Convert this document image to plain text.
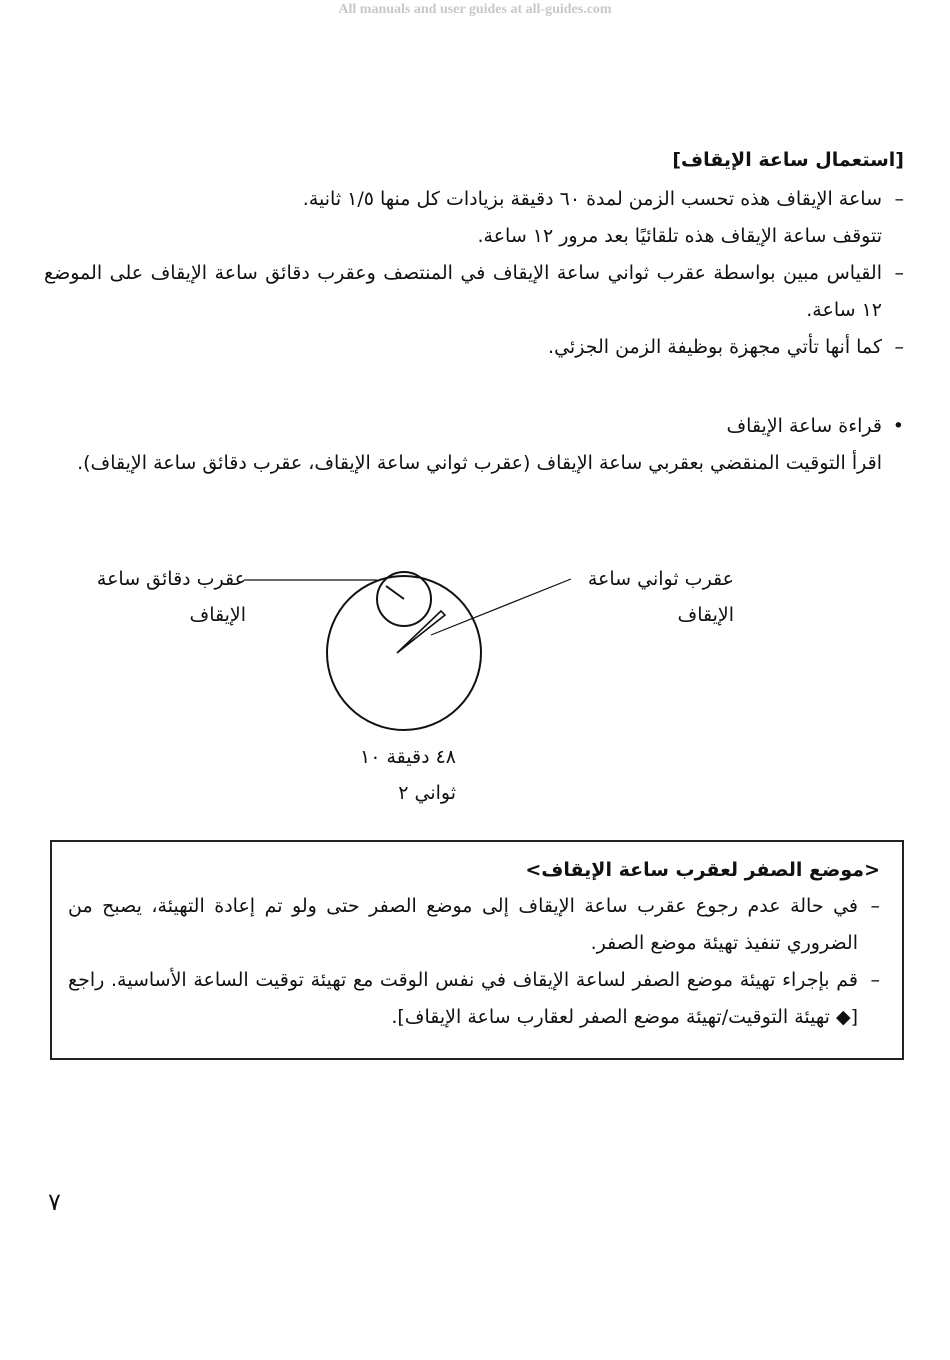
All manuals and user guides at all-guides.com
[استعمال ساعة الإيقاف]
–
ساعة الإيقاف هذه تحسب الزمن لمدة ٦٠ دقيقة بزيادات كل منها ١/٥ ثانية.
تتوقف ساعة الإيقاف هذه تلقائيًا بعد مرور ١٢ ساعة.
–
القياس مبين بواسطة عقرب ثواني ساعة الإيقاف في المنتصف وعقرب دقائق ساعة الإيقاف على الموضع ١٢ ساعة.
–
كما أنها تأتي مجهزة بوظيفة الزمن الجزئي.
•
قراءة ساعة الإيقاف
اقرأ التوقيت المنقضي بعقربي ساعة الإيقاف (عقرب ثواني ساعة الإيقاف، عقرب دقائق ساعة الإيقاف).
عقرب دقائق ساعة
الإيقاف
عقرب ثواني ساعة
الإيقاف
٤٨ دقيقة ١٠
ثواني ٢
<موضع الصفر لعقرب ساعة الإيقاف>
–
في حالة عدم رجوع عقرب ساعة الإيقاف إلى موضع الصفر حتى ولو تم إعادة التهيئة، يصبح من الضروري تنفيذ تهيئة موضع الصفر.
–
قم بإجراء تهيئة موضع الصفر لساعة الإيقاف في نفس الوقت مع تهيئة توقيت الساعة الأساسية. راجع [◆ تهيئة التوقيت/تهيئة موضع الصفر لعقارب ساعة الإيقاف].
٧
